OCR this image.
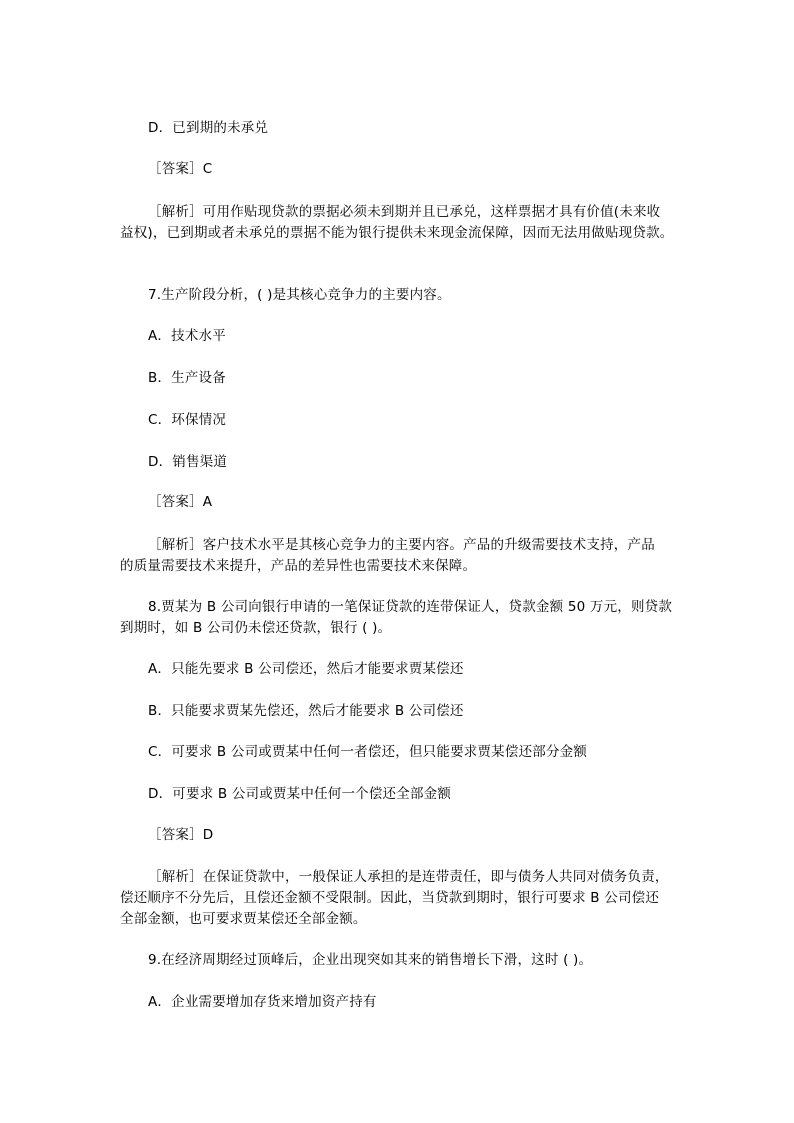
D．已到期的未承兑
［答案］C
［解析］可用作贴现贷款的票据必须未到期并且已承兑，这样票据才具有价值(未来收
益权)，已到期或者未承兑的票据不能为银行提供未来现金流保障，因而无法用做贴现贷款。
7.生产阶段分析，( )是其核心竞争力的主要内容。
A．技术水平
B．生产设备
C．环保情况
D．销售渠道
［答案］A
［解析］客户技术水平是其核心竞争力的主要内容。产品的升级需要技术支持，产品
的质量需要技术来提升，产品的差异性也需要技术来保障。
8.贾某为 B 公司向银行申请的一笔保证贷款的连带保证人，贷款金额 50 万元，则贷款
到期时，如 B 公司仍未偿还贷款，银行 ( )。
A．只能先要求 B 公司偿还，然后才能要求贾某偿还
B．只能要求贾某先偿还，然后才能要求 B 公司偿还
C．可要求 B 公司或贾某中任何一者偿还，但只能要求贾某偿还部分金额
D．可要求 B 公司或贾某中任何一个偿还全部金额
［答案］D
［解析］在保证贷款中，一般保证人承担的是连带责任，即与债务人共同对债务负责，
偿还顺序不分先后，且偿还金额不受限制。因此，当贷款到期时，银行可要求 B 公司偿还
全部金额，也可要求贾某偿还全部金额。
9.在经济周期经过顶峰后，企业出现突如其来的销售增长下滑，这时 ( )。
A．企业需要增加存货来增加资产持有
